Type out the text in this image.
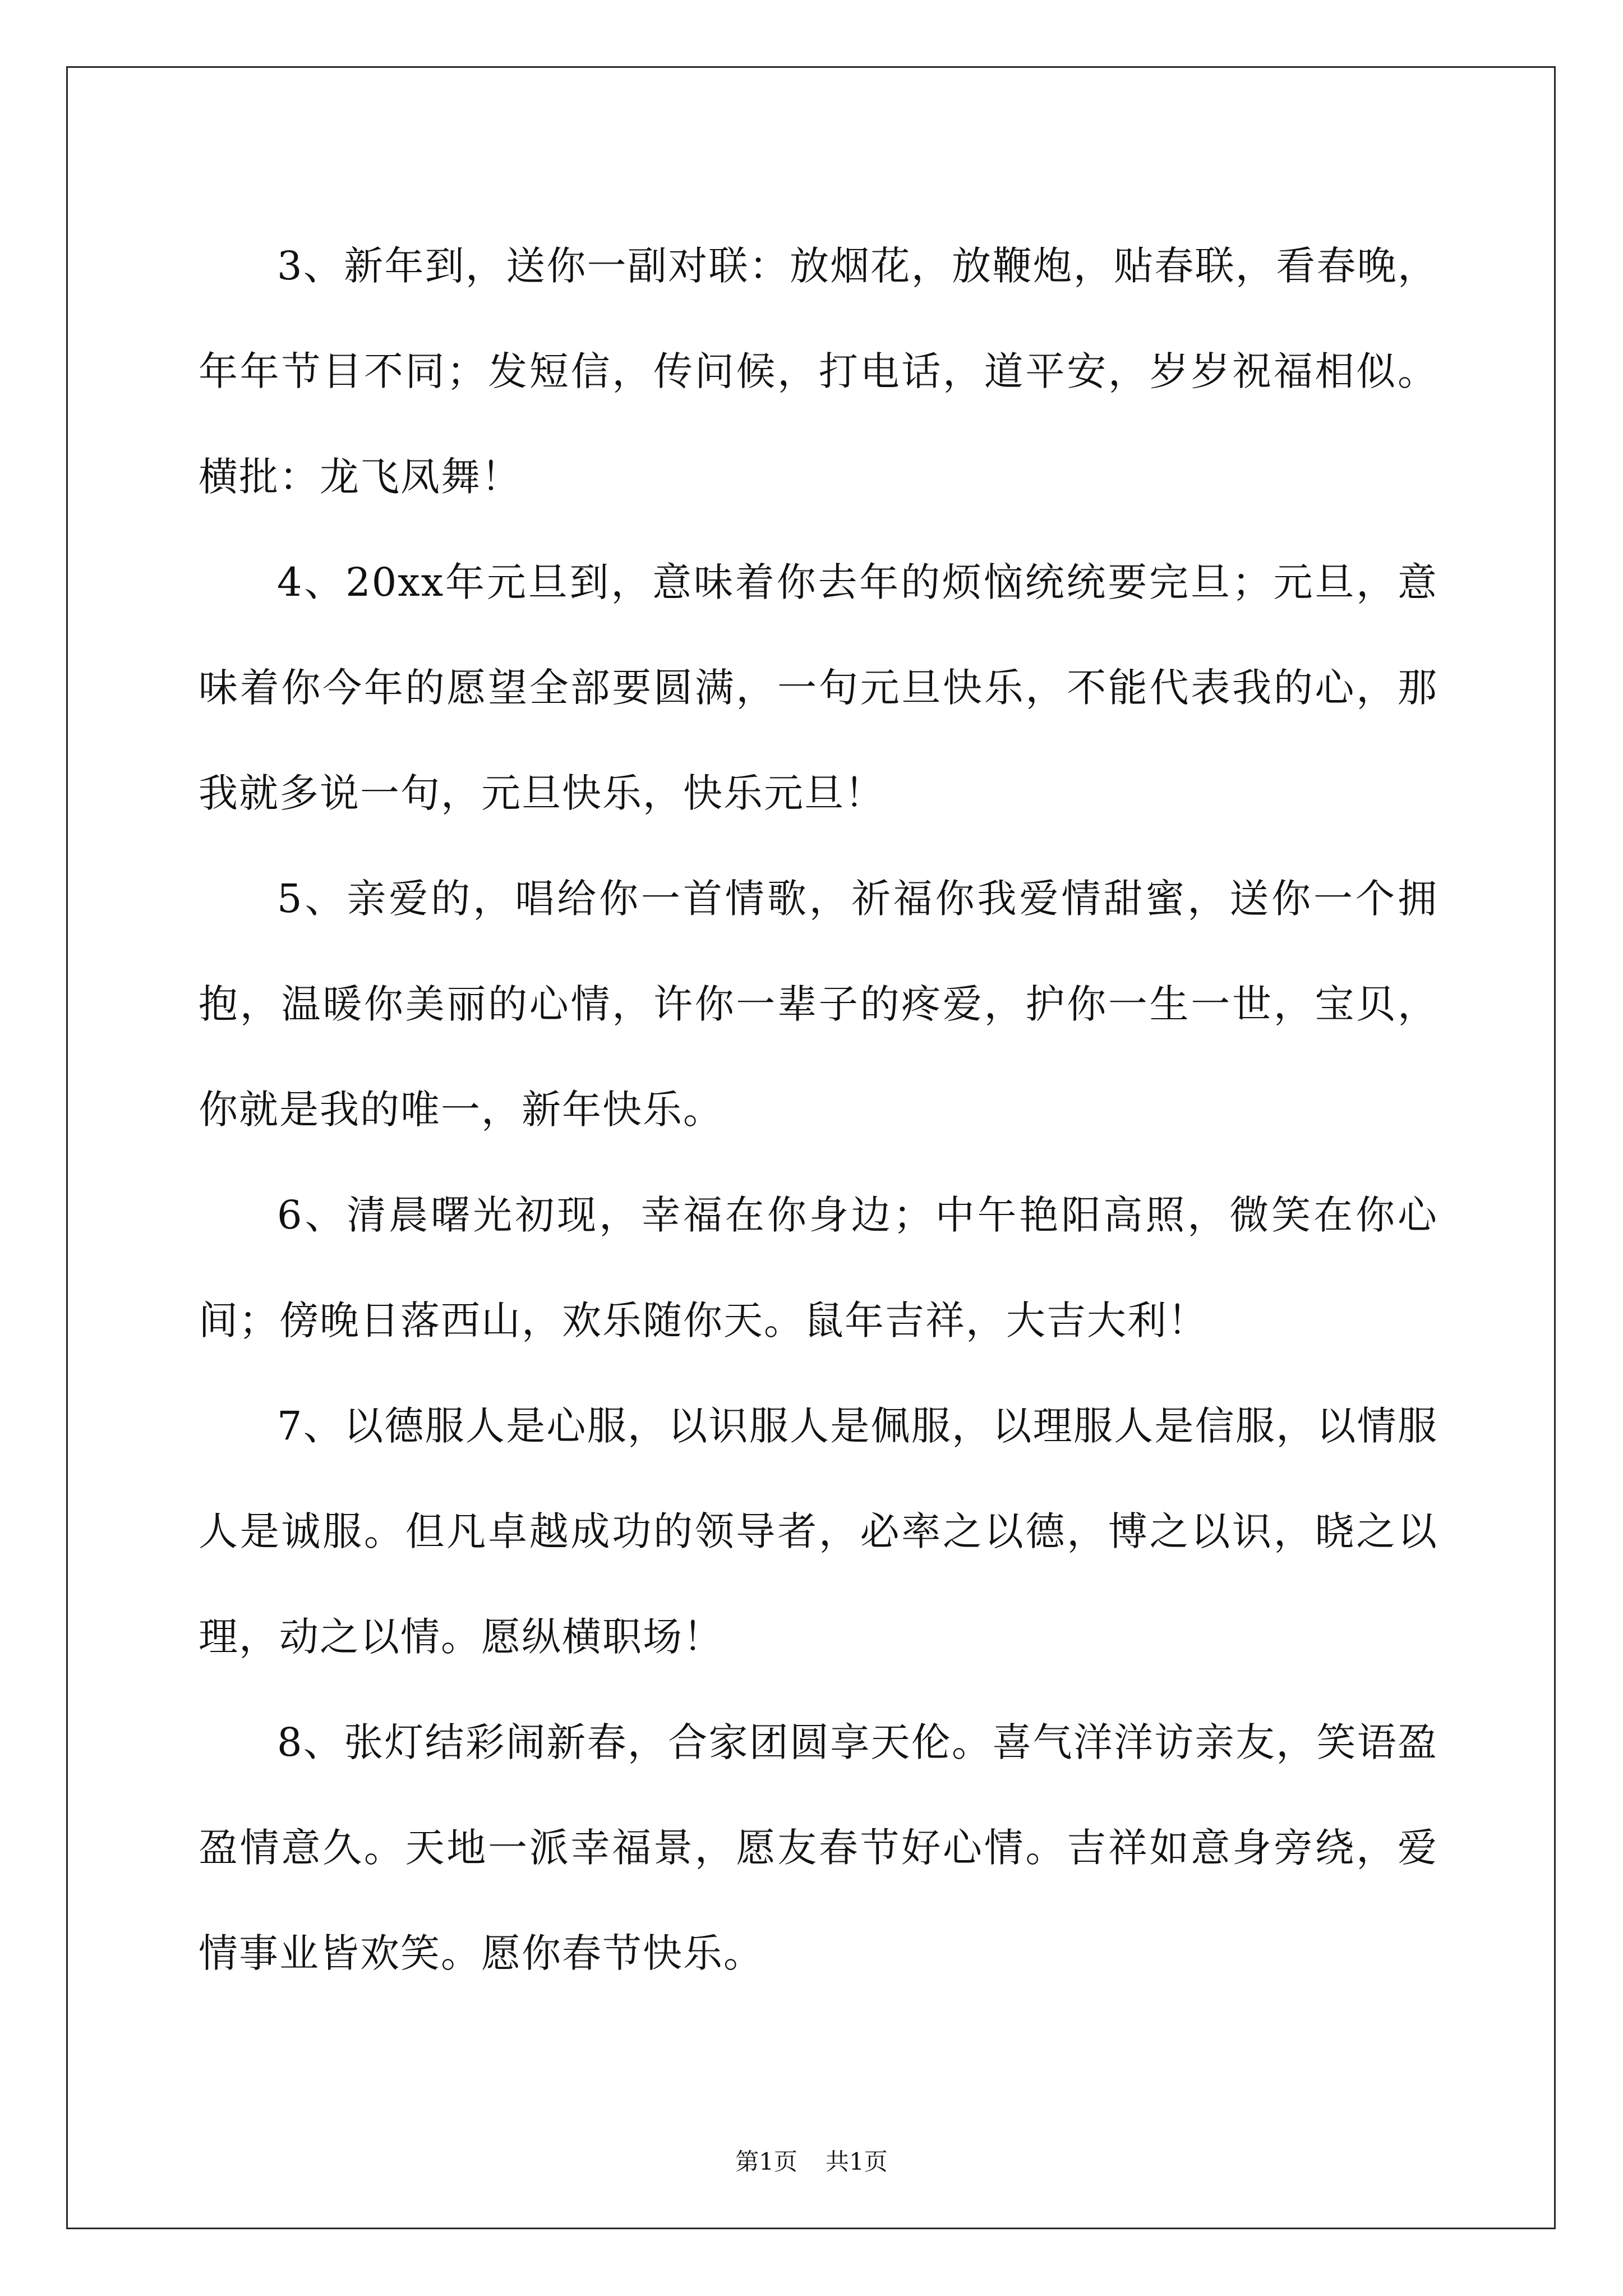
3、新年到，送你一副对联：放烟花，放鞭炮，贴春联，看春晚，年年节目不同；发短信，传问候，打电话，道平安，岁岁祝福相似。横批：龙飞凤舞！

4、20xx年元旦到，意味着你去年的烦恼统统要完旦；元旦，意味着你今年的愿望全部要圆满，一句元旦快乐，不能代表我的心，那我就多说一句，元旦快乐，快乐元旦！

5、亲爱的，唱给你一首情歌，祈福你我爱情甜蜜，送你一个拥抱，温暖你美丽的心情，许你一辈子的疼爱，护你一生一世，宝贝，你就是我的唯一，新年快乐。

6、清晨曙光初现，幸福在你身边；中午艳阳高照，微笑在你心间；傍晚日落西山，欢乐随你天。鼠年吉祥，大吉大利！

7、以德服人是心服，以识服人是佩服，以理服人是信服，以情服人是诚服。但凡卓越成功的领导者，必率之以德，博之以识，晓之以理，动之以情。愿纵横职场！

8、张灯结彩闹新春，合家团圆享天伦。喜气洋洋访亲友，笑语盈盈情意久。天地一派幸福景，愿友春节好心情。吉祥如意身旁绕，爱情事业皆欢笑。愿你春节快乐。

第1页 共1页
